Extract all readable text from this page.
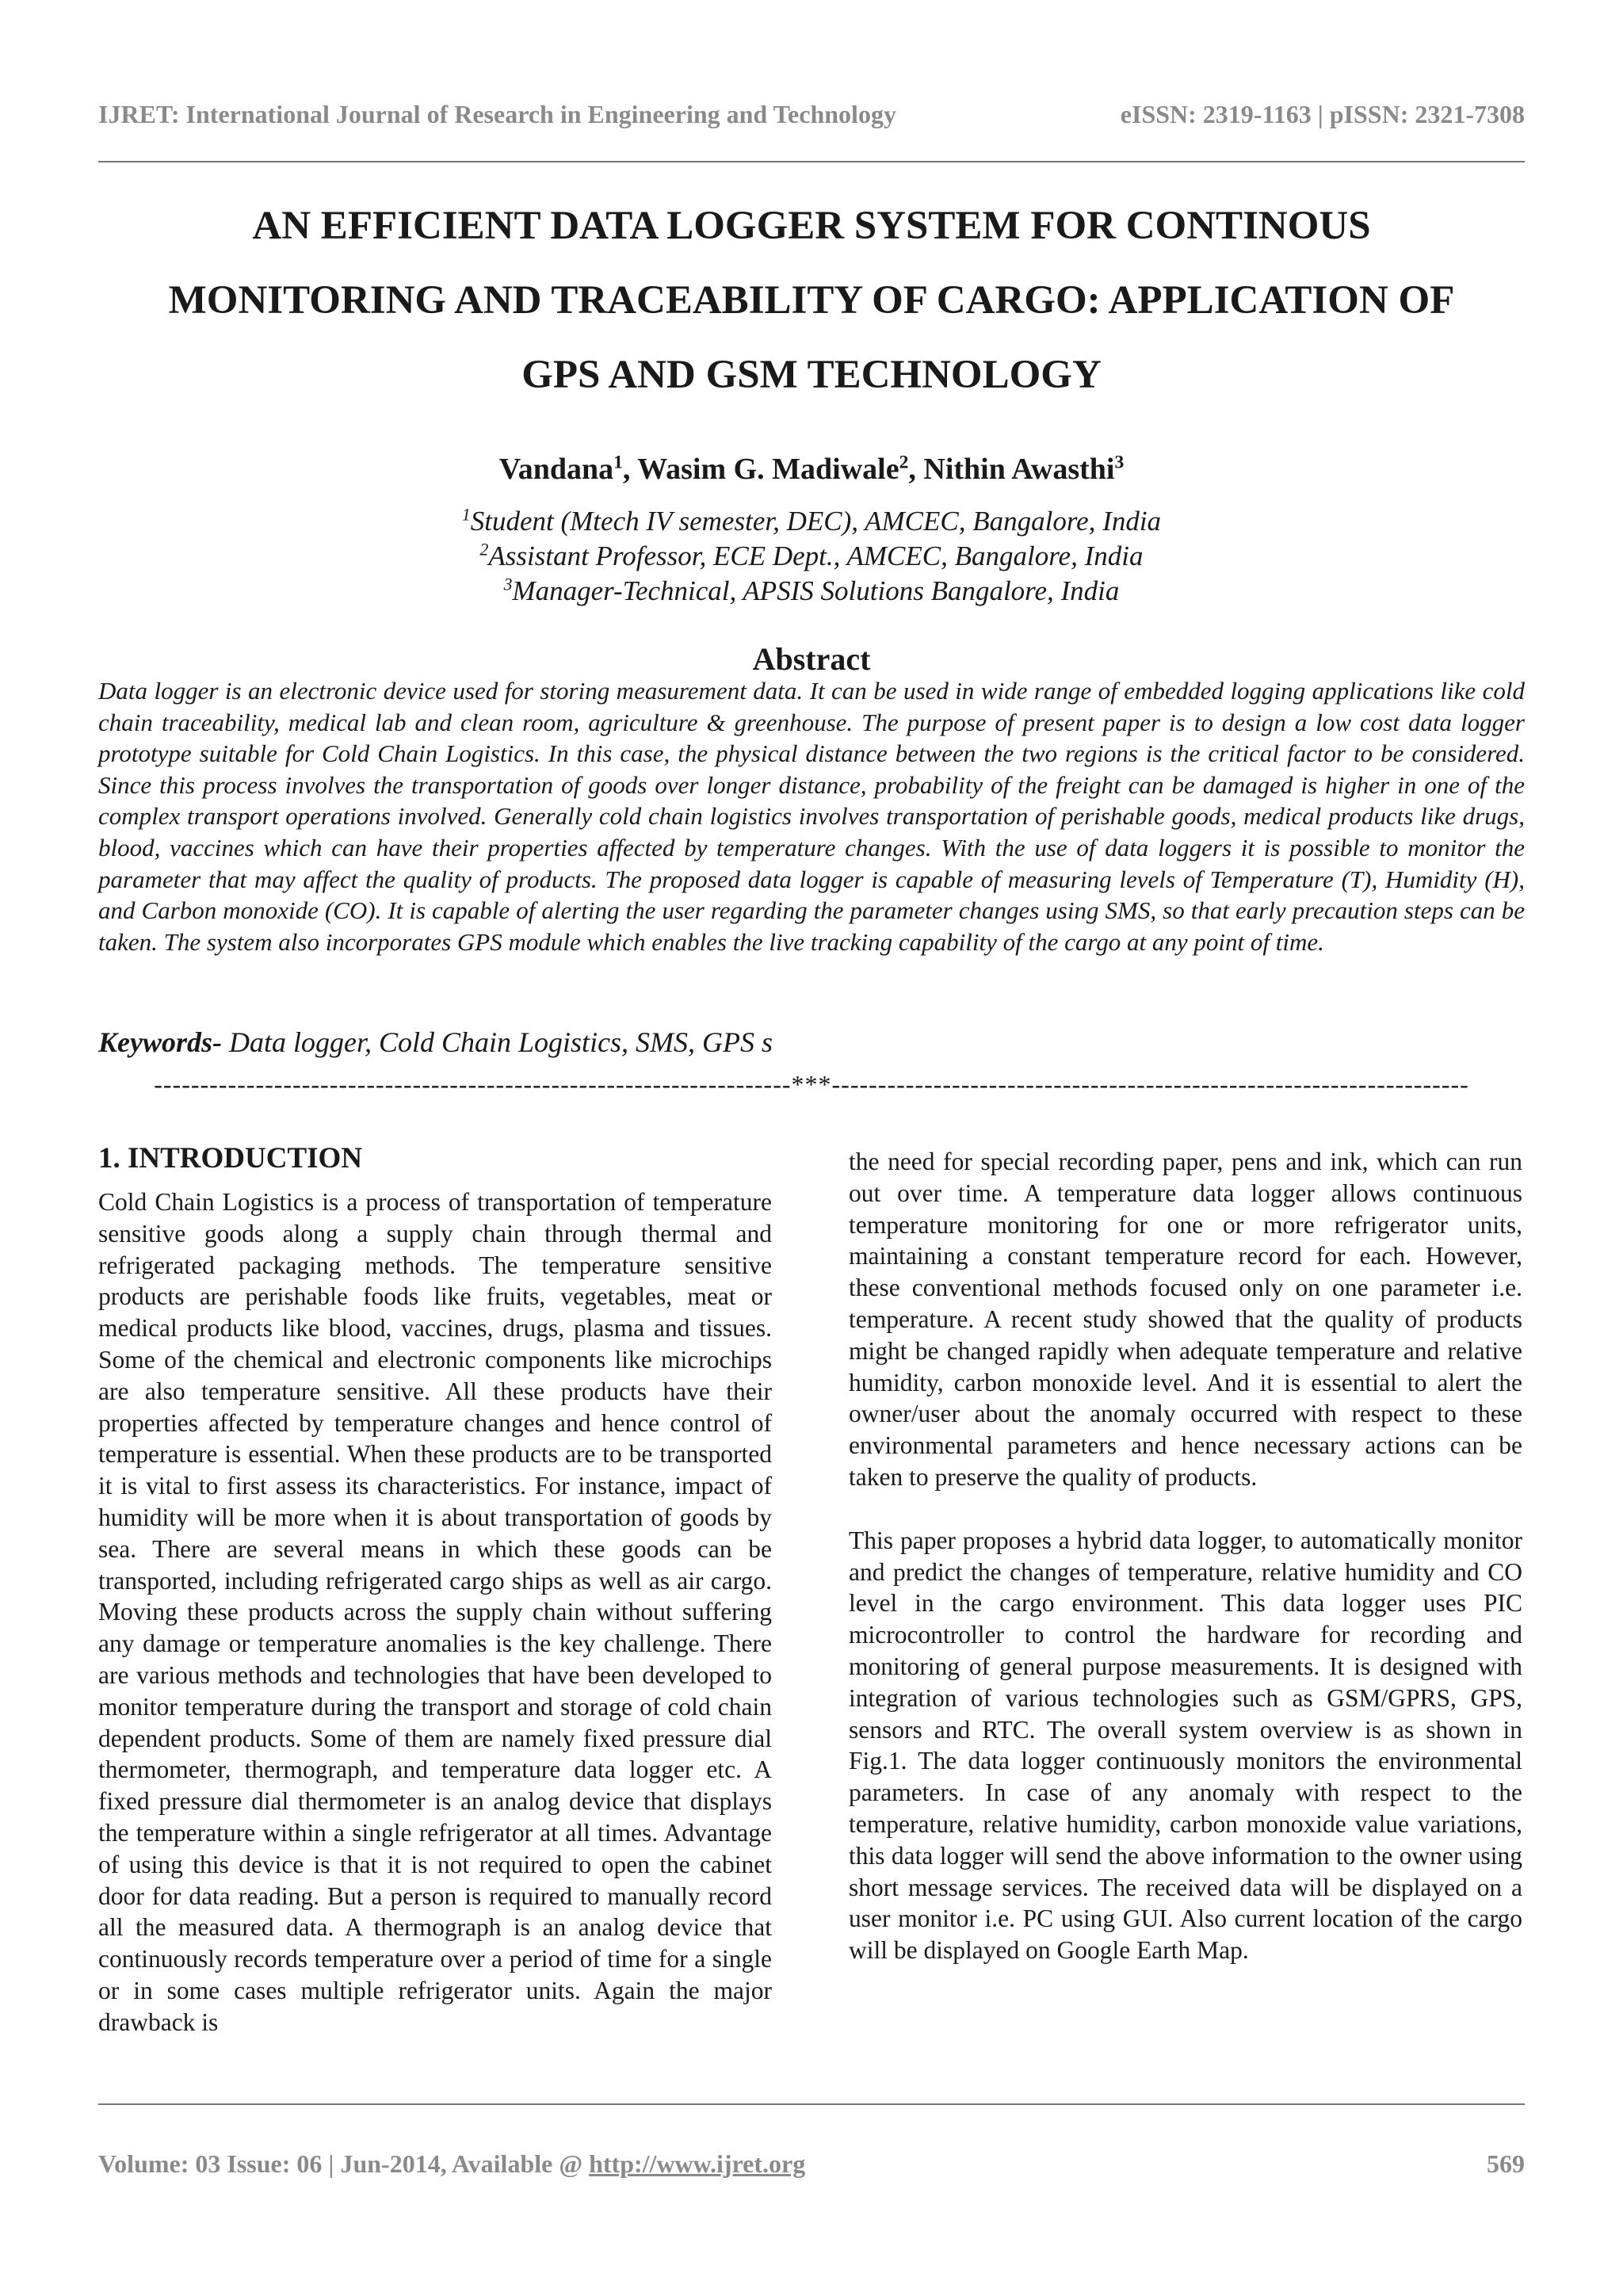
IJRET: International Journal of Research in Engineering and Technology	eISSN: 2319-1163 | pISSN: 2321-7308
AN EFFICIENT DATA LOGGER SYSTEM FOR CONTINOUS
MONITORING AND TRACEABILITY OF CARGO: APPLICATION OF
GPS AND GSM TECHNOLOGY
Vandana$^1$, Wasim G. Madiwale$^2$, Nithin Awasthi$^3$
$^1$Student (Mtech IV semester, DEC), AMCEC, Bangalore, India
$^2$Assistant Professor, ECE Dept., AMCEC, Bangalore, India
$^3$Manager-Technical, APSIS Solutions Bangalore, India
Abstract

Data logger is an electronic device used for storing measurement data. It can be used in wide range of embedded logging applications like cold chain traceability, medical lab and clean room, agriculture & greenhouse. The purpose of present paper is to design a low cost data logger prototype suitable for Cold Chain Logistics. In this case, the physical distance between the two regions is the critical factor to be considered. Since this process involves the transportation of goods over longer distance, probability of the freight can be damaged is higher in one of the complex transport operations involved. Generally cold chain logistics involves transportation of perishable goods, medical products like drugs, blood, vaccines which can have their properties affected by temperature changes. With the use of data loggers it is possible to monitor the parameter that may affect the quality of products. The proposed data logger is capable of measuring levels of Temperature (T), Humidity (H), and Carbon monoxide (CO). It is capable of alerting the user regarding the parameter changes using SMS, so that early precaution steps can be taken. The system also incorporates GPS module which enables the live tracking capability of the cargo at any point of time.

Keywords- Data logger, Cold Chain Logistics, SMS, GPS s

---------------------------------------------------------------------***---------------------------------------------------------------------
1. INTRODUCTION

Cold Chain Logistics is a process of transportation of temperature sensitive goods along a supply chain through thermal and refrigerated packaging methods. The temperature sensitive products are perishable foods like fruits, vegetables, meat or medical products like blood, vaccines, drugs, plasma and tissues. Some of the chemical and electronic components like microchips are also temperature sensitive. All these products have their properties affected by temperature changes and hence control of temperature is essential. When these products are to be transported it is vital to first assess its characteristics. For instance, impact of humidity will be more when it is about transportation of goods by sea. There are several means in which these goods can be transported, including refrigerated cargo ships as well as air cargo. Moving these products across the supply chain without suffering any damage or temperature anomalies is the key challenge. There are various methods and technologies that have been developed to monitor temperature during the transport and storage of cold chain dependent products. Some of them are namely fixed pressure dial thermometer, thermograph, and temperature data logger etc. A fixed pressure dial thermometer is an analog device that displays the temperature within a single refrigerator at all times. Advantage of using this device is that it is not required to open the cabinet door for data reading. But a person is required to manually record all the measured data. A thermograph is an analog device that continuously records temperature over a period of time for a single or in some cases multiple refrigerator units. Again the major drawback is

the need for special recording paper, pens and ink, which can run out over time. A temperature data logger allows continuous temperature monitoring for one or more refrigerator units, maintaining a constant temperature record for each. However, these conventional methods focused only on one parameter i.e. temperature. A recent study showed that the quality of products might be changed rapidly when adequate temperature and relative humidity, carbon monoxide level. And it is essential to alert the owner/user about the anomaly occurred with respect to these environmental parameters and hence necessary actions can be taken to preserve the quality of products.

This paper proposes a hybrid data logger, to automatically monitor and predict the changes of temperature, relative humidity and CO level in the cargo environment. This data logger uses PIC microcontroller to control the hardware for recording and monitoring of general purpose measurements. It is designed with integration of various technologies such as GSM/GPRS, GPS, sensors and RTC. The overall system overview is as shown in Fig.1. The data logger continuously monitors the environmental parameters. In case of any anomaly with respect to the temperature, relative humidity, carbon monoxide value variations, this data logger will send the above information to the owner using short message services. The received data will be displayed on a user monitor i.e. PC using GUI. Also current location of the cargo will be displayed on Google Earth Map.

Volume: 03 Issue: 06 | Jun-2014, Available @ http://www.ijret.org	569
